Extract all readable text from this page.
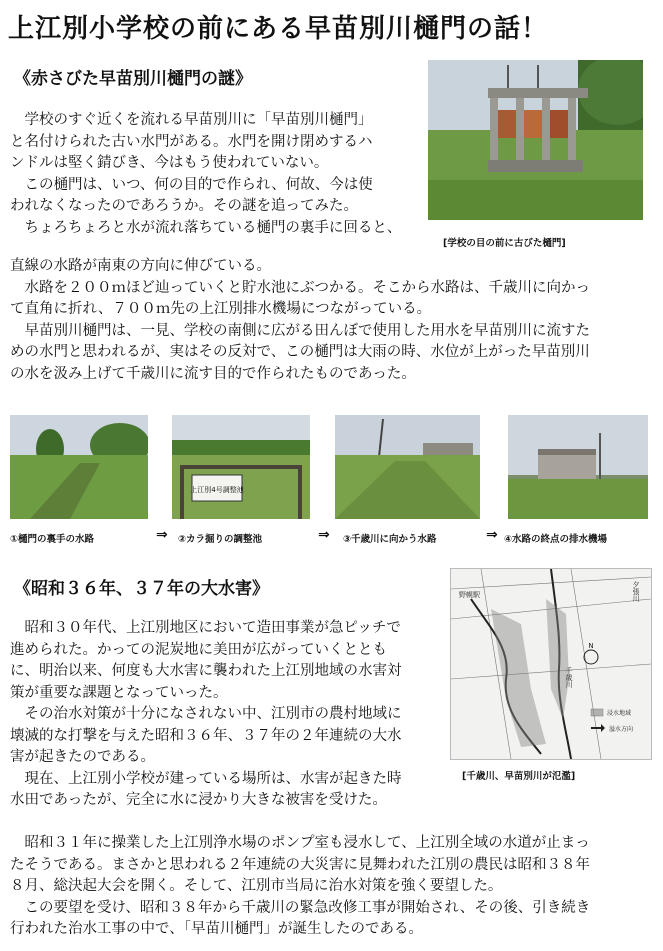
上江別小学校の前にある早苗別川樋門の話！
《赤さびた早苗別川樋門の謎》
　学校のすぐ近くを流れる早苗別川に「早苗別川樋門」
と名付けられた古い水門がある。水門を開け閉めするハ
ンドルは堅く錆びき、今はもう使われていない。
　この樋門は、いつ、何の目的で作られ、何故、今は使
われなくなったのであろうか。その謎を追ってみた。
　ちょろちょろと水が流れ落ちている樋門の裏手に回ると、
[学校の目の前に古びた樋門]
直線の水路が南東の方向に伸びている。
　水路を２００ｍほど辿っていくと貯水池にぶつかる。そこから水路は、千歳川に向かっ
て直角に折れ、７００ｍ先の上江別排水機場につながっている。
　早苗別川樋門は、一見、学校の南側に広がる田んぼで使用した用水を早苗別川に流すた
めの水門と思われるが、実はその反対で、この樋門は大雨の時、水位が上がった早苗別川
の水を汲み上げて千歳川に流す目的で作られたものであった。
上江別4号調整池
①樋門の裏手の水路	⇒ ②カラ掘りの調整池	⇒ ③千歳川に向かう水路	⇒ ④水路の終点の排水機場
《昭和３６年、３７年の大水害》
　昭和３０年代、上江別地区において造田事業が急ピッチで
進められた。かっての泥炭地に美田が広がっていくととも
に、明治以来、何度も大水害に襲われた上江別地域の水害対
策が重要な課題となっていった。
　その治水対策が十分になされない中、江別市の農村地域に
壊滅的な打撃を与えた昭和３６年、３７年の２年連続の大水
害が起きたのである。
　現在、上江別小学校が建っている場所は、水害が起きた時
水田であったが、完全に水に浸かり大きな被害を受けた。
野幌駅	夕張川
千歳川
N
浸水地域
溢水方向
[千歳川、早苗別川が氾濫]
　昭和３１年に操業した上江別浄水場のポンプ室も浸水して、上江別全域の水道が止まっ
たそうである。まさかと思われる２年連続の大災害に見舞われた江別の農民は昭和３８年
８月、総決起大会を開く。そして、江別市当局に治水対策を強く要望した。
　この要望を受け、昭和３８年から千歳川の緊急改修工事が開始され、その後、引き続き
行われた治水工事の中で、「早苗川樋門」が誕生したのである。
